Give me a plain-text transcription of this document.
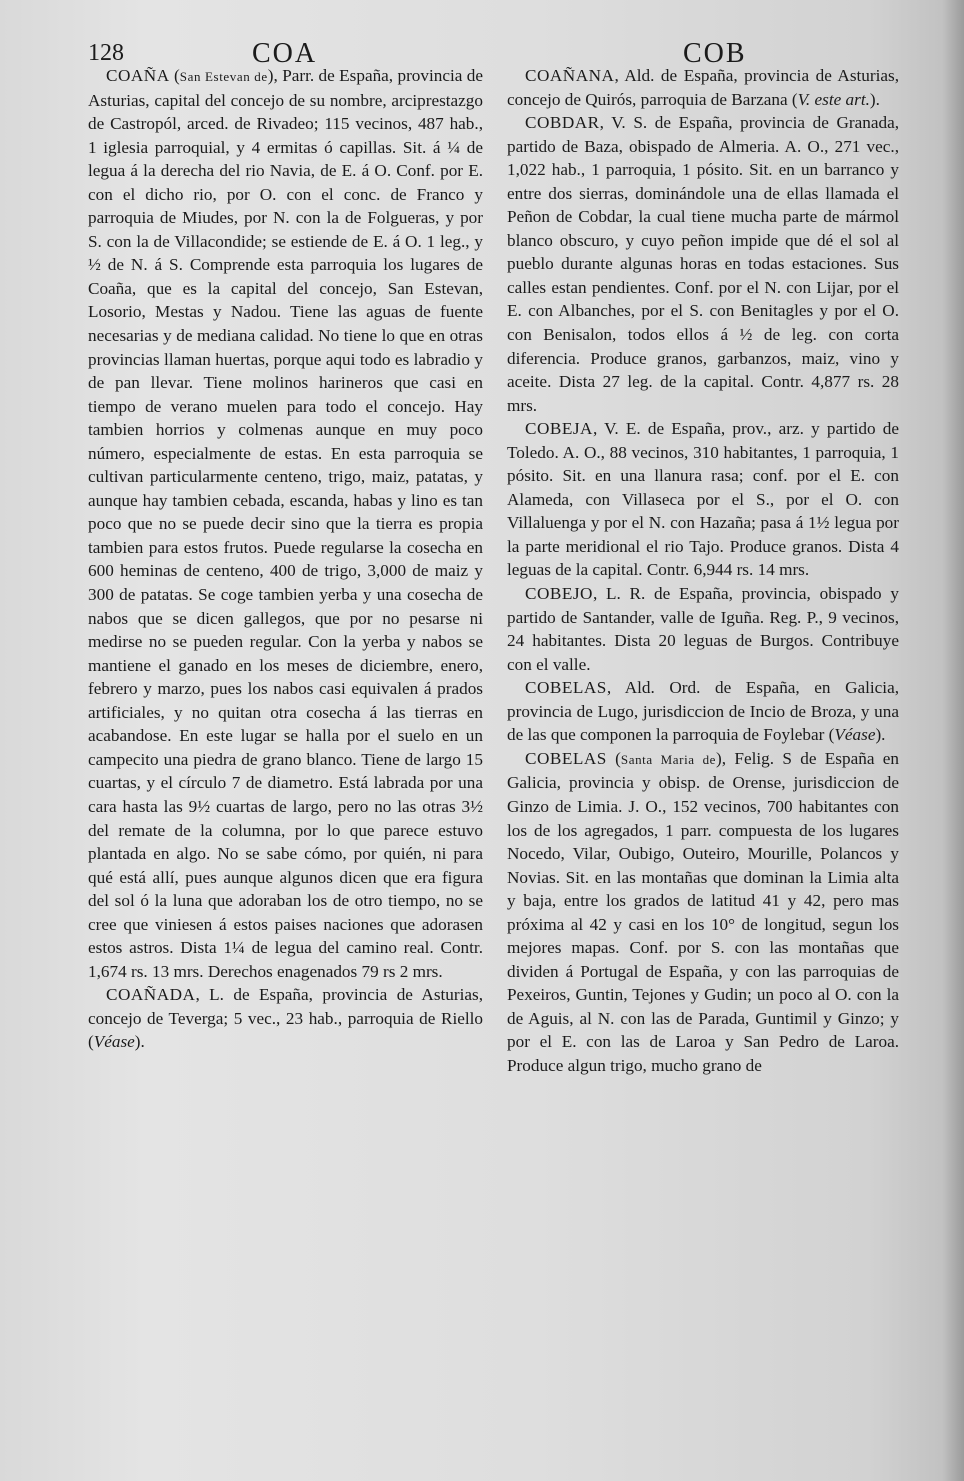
128	COA	COB

COAÑA (San Estevan de), Parr. de España, provincia de Asturias, capital del concejo de su nombre, arciprestazgo de Castropól, arced. de Rivadeo; 115 vecinos, 487 hab., 1 iglesia parroquial, y 4 ermitas ó capillas. Sit. á ¼ de legua á la derecha del rio Navia, de E. á O. Conf. por E. con el dicho rio, por O. con el conc. de Franco y parroquia de Miudes, por N. con la de Folgueras, y por S. con la de Villacondide; se estiende de E. á O. 1 leg., y ½ de N. á S. Comprende esta parroquia los lugares de Coaña, que es la capital del concejo, San Estevan, Losorio, Mestas y Nadou. Tiene las aguas de fuente necesarias y de mediana calidad. No tiene lo que en otras provincias llaman huertas, porque aqui todo es labradio y de pan llevar. Tiene molinos harineros que casi en tiempo de verano muelen para todo el concejo. Hay tambien horrios y colmenas aunque en muy poco número, especialmente de estas. En esta parroquia se cultivan particularmente centeno, trigo, maiz, patatas, y aunque hay tambien cebada, escanda, habas y lino es tan poco que no se puede decir sino que la tierra es propia tambien para estos frutos. Puede regularse la cosecha en 600 heminas de centeno, 400 de trigo, 3,000 de maiz y 300 de patatas. Se coge tambien yerba y una cosecha de nabos que se dicen gallegos, que por no pesarse ni medirse no se pueden regular. Con la yerba y nabos se mantiene el ganado en los meses de diciembre, enero, febrero y marzo, pues los nabos casi equivalen á prados artificiales, y no quitan otra cosecha á las tierras en acabandose. En este lugar se halla por el suelo en un campecito una piedra de grano blanco. Tiene de largo 15 cuartas, y el círculo 7 de diametro. Está labrada por una cara hasta las 9½ cuartas de largo, pero no las otras 3½ del remate de la columna, por lo que parece estuvo plantada en algo. No se sabe cómo, por quién, ni para qué está allí, pues aunque algunos dicen que era figura del sol ó la luna que adoraban los de otro tiempo, no se cree que viniesen á estos paises naciones que adorasen estos astros. Dista 1¼ de legua del camino real. Contr. 1,674 rs. 13 mrs. Derechos enagenados 79 rs 2 mrs.

COAÑADA, L. de España, provincia de Asturias, concejo de Teverga; 5 vec., 23 hab., parroquia de Riello (Véase).

COAÑANA, Ald. de España, provincia de Asturias, concejo de Quirós, parroquia de Barzana (V. este art.).

COBDAR, V. S. de España, provincia de Granada, partido de Baza, obispado de Almeria. A. O., 271 vec., 1,022 hab., 1 parroquia, 1 pósito. Sit. en un barranco y entre dos sierras, dominándole una de ellas llamada el Peñon de Cobdar, la cual tiene mucha parte de mármol blanco obscuro, y cuyo peñon impide que dé el sol al pueblo durante algunas horas en todas estaciones. Sus calles estan pendientes. Conf. por el N. con Lijar, por el E. con Albanches, por el S. con Benitagles y por el O. con Benisalon, todos ellos á ½ de leg. con corta diferencia. Produce granos, garbanzos, maiz, vino y aceite. Dista 27 leg. de la capital. Contr. 4,877 rs. 28 mrs.

COBEJA, V. E. de España, prov., arz. y partido de Toledo. A. O., 88 vecinos, 310 habitantes, 1 parroquia, 1 pósito. Sit. en una llanura rasa; conf. por el E. con Alameda, con Villaseca por el S., por el O. con Villaluenga y por el N. con Hazaña; pasa á 1½ legua por la parte meridional el rio Tajo. Produce granos. Dista 4 leguas de la capital. Contr. 6,944 rs. 14 mrs.

COBEJO, L. R. de España, provincia, obispado y partido de Santander, valle de Iguña. Reg. P., 9 vecinos, 24 habitantes. Dista 20 leguas de Burgos. Contribuye con el valle.

COBELAS, Ald. Ord. de España, en Galicia, provincia de Lugo, jurisdiccion de Incio de Broza, y una de las que componen la parroquia de Foylebar (Véase).

COBELAS (Santa Maria de), Felig. S de España en Galicia, provincia y obisp. de Orense, jurisdiccion de Ginzo de Limia. J. O., 152 vecinos, 700 habitantes con los de los agregados, 1 parr. compuesta de los lugares Nocedo, Vilar, Oubigo, Outeiro, Mourille, Polancos y Novias. Sit. en las montañas que dominan la Limia alta y baja, entre los grados de latitud 41 y 42, pero mas próxima al 42 y casi en los 10° de longitud, segun los mejores mapas. Conf. por S. con las montañas que dividen á Portugal de España, y con las parroquias de Pexeiros, Guntin, Tejones y Gudin; un poco al O. con la de Aguis, al N. con las de Parada, Guntimil y Ginzo; y por el E. con las de Laroa y San Pedro de Laroa. Produce algun trigo, mucho grano de
